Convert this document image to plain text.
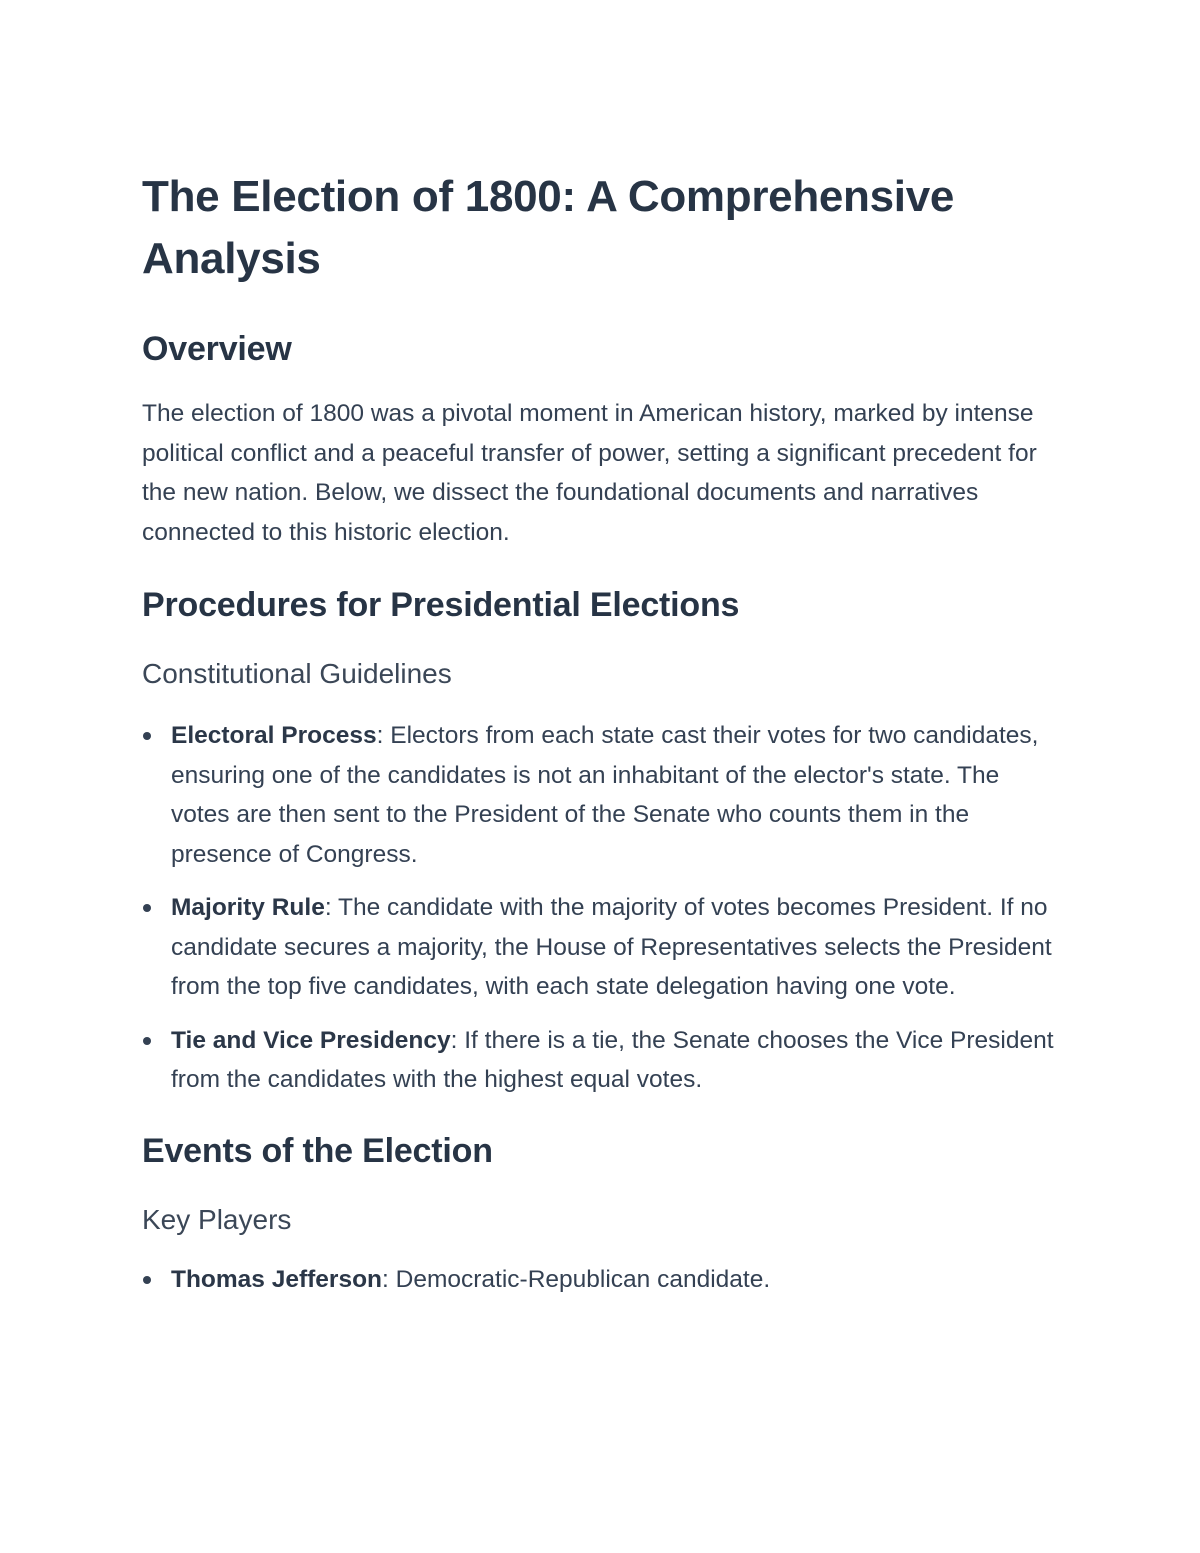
The Election of 1800: A Comprehensive Analysis
Overview

The election of 1800 was a pivotal moment in American history, marked by intense political conflict and a peaceful transfer of power, setting a significant precedent for the new nation. Below, we dissect the foundational documents and narratives connected to this historic election.

Procedures for Presidential Elections
Constitutional Guidelines
Electoral Process: Electors from each state cast their votes for two candidates, ensuring one of the candidates is not an inhabitant of the elector's state. The votes are then sent to the President of the Senate who counts them in the presence of Congress.
Majority Rule: The candidate with the majority of votes becomes President. If no candidate secures a majority, the House of Representatives selects the President from the top five candidates, with each state delegation having one vote.
Tie and Vice Presidency: If there is a tie, the Senate chooses the Vice President from the candidates with the highest equal votes.
Events of the Election
Key Players
Thomas Jefferson: Democratic-Republican candidate.
